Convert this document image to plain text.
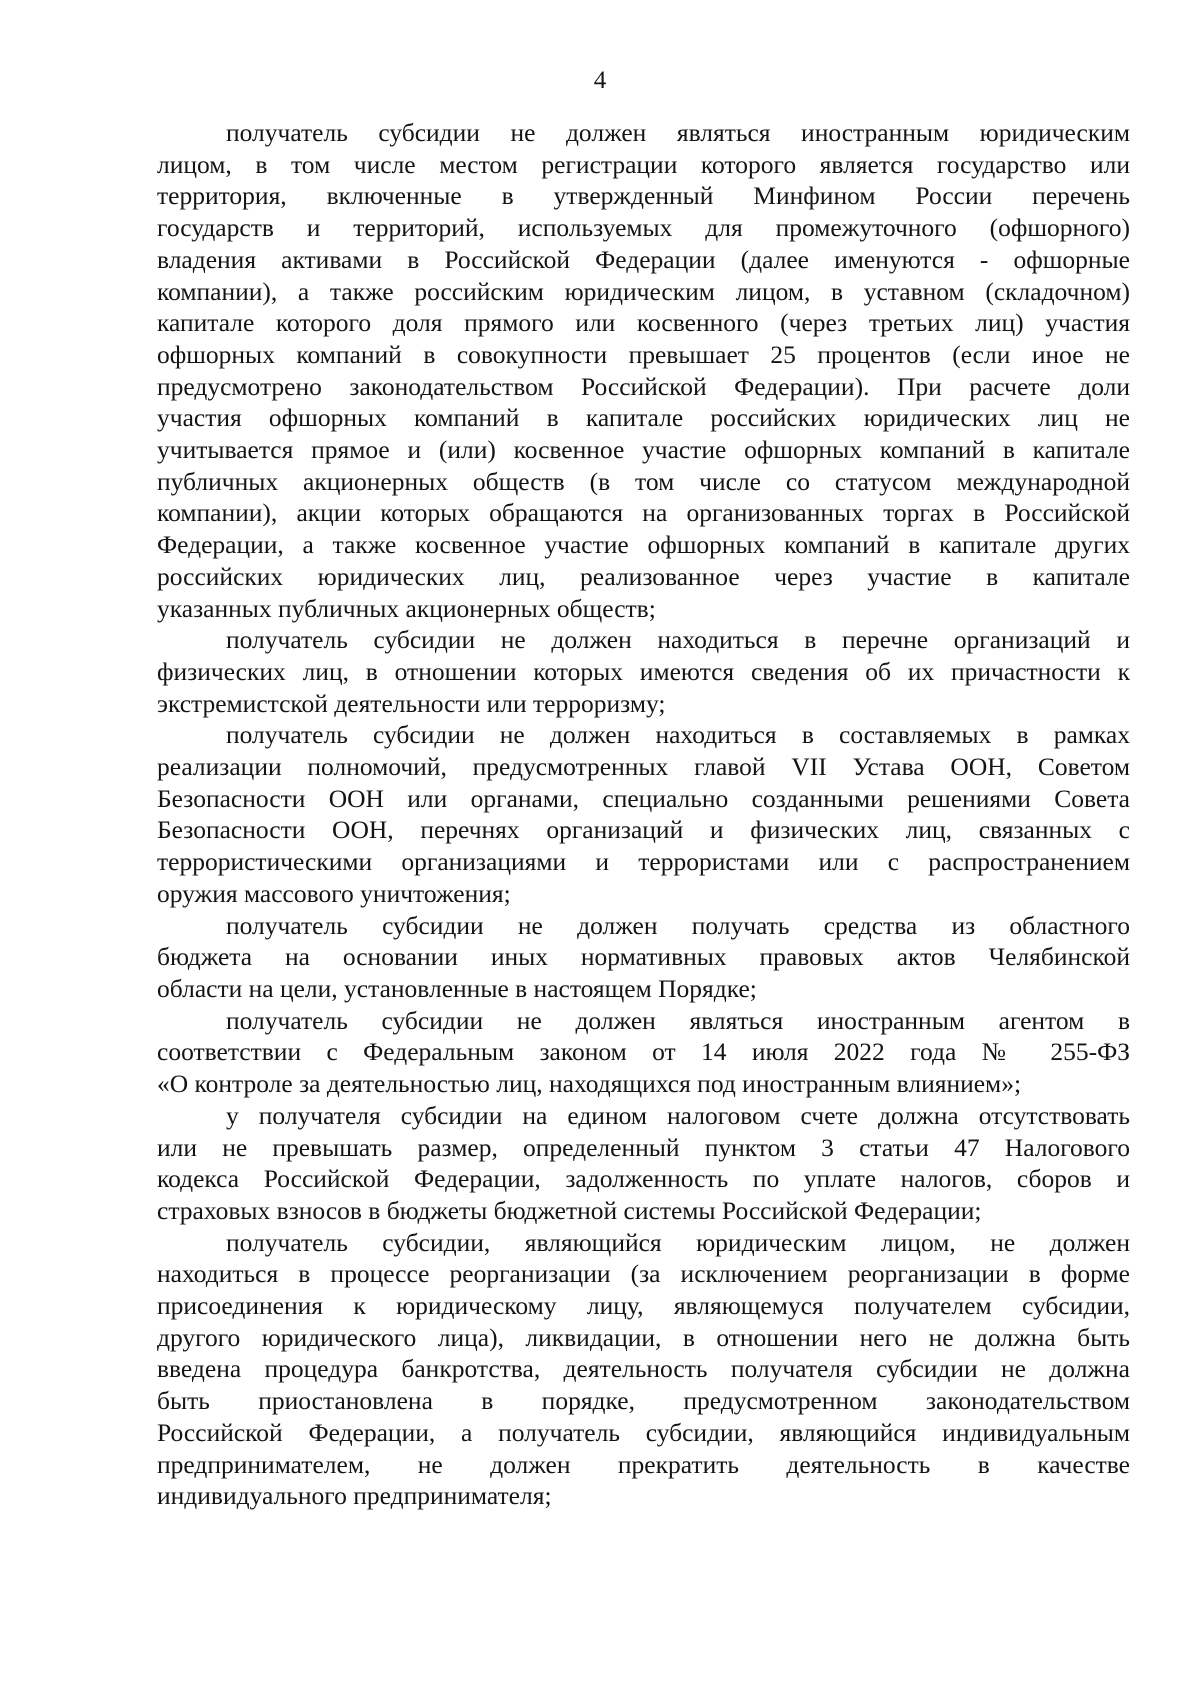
4
получатель субсидии не должен являться иностранным юридическим
лицом, в том числе местом регистрации которого является государство или
территория, включенные в утвержденный Минфином России перечень
государств и территорий, используемых для промежуточного (офшорного)
владения активами в Российской Федерации (далее именуются - офшорные
компании), а также российским юридическим лицом, в уставном (складочном)
капитале которого доля прямого или косвенного (через третьих лиц) участия
офшорных компаний в совокупности превышает 25 процентов (если иное не
предусмотрено законодательством Российской Федерации). При расчете доли
участия офшорных компаний в капитале российских юридических лиц не
учитывается прямое и (или) косвенное участие офшорных компаний в капитале
публичных акционерных обществ (в том числе со статусом международной
компании), акции которых обращаются на организованных торгах в Российской
Федерации, а также косвенное участие офшорных компаний в капитале других
российских юридических лиц, реализованное через участие в капитале
указанных публичных акционерных обществ;
получатель субсидии не должен находиться в перечне организаций и
физических лиц, в отношении которых имеются сведения об их причастности к
экстремистской деятельности или терроризму;
получатель субсидии не должен находиться в составляемых в рамках
реализации полномочий, предусмотренных главой VII Устава ООН, Советом
Безопасности ООН или органами, специально созданными решениями Совета
Безопасности ООН, перечнях организаций и физических лиц, связанных с
террористическими организациями и террористами или с распространением
оружия массового уничтожения;
получатель субсидии не должен получать средства из областного
бюджета на основании иных нормативных правовых актов Челябинской
области на цели, установленные в настоящем Порядке;
получатель субсидии не должен являться иностранным агентом в
соответствии с Федеральным законом от 14 июля 2022 года № 255-ФЗ
«О контроле за деятельностью лиц, находящихся под иностранным влиянием»;
у получателя субсидии на едином налоговом счете должна отсутствовать
или не превышать размер, определенный пунктом 3 статьи 47 Налогового
кодекса Российской Федерации, задолженность по уплате налогов, сборов и
страховых взносов в бюджеты бюджетной системы Российской Федерации;
получатель субсидии, являющийся юридическим лицом, не должен
находиться в процессе реорганизации (за исключением реорганизации в форме
присоединения к юридическому лицу, являющемуся получателем субсидии,
другого юридического лица), ликвидации, в отношении него не должна быть
введена процедура банкротства, деятельность получателя субсидии не должна
быть приостановлена в порядке, предусмотренном законодательством
Российской Федерации, а получатель субсидии, являющийся индивидуальным
предпринимателем, не должен прекратить деятельность в качестве
индивидуального предпринимателя;
